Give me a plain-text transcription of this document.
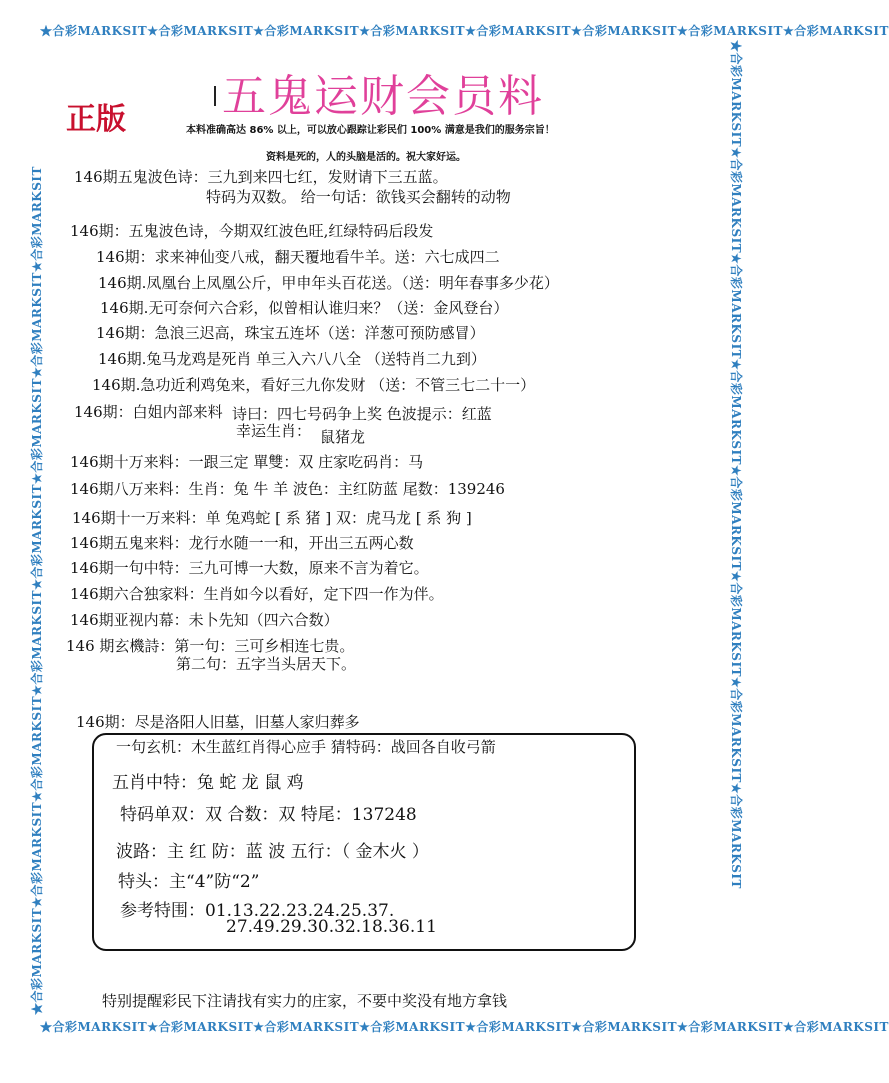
★合彩MARKSIT★合彩MARKSIT★合彩MARKSIT★合彩MARKSIT★合彩MARKSIT★合彩MARKSIT★合彩MARKSIT★合彩MARKSIT
★合彩MARKSIT★合彩MARKSIT★合彩MARKSIT★合彩MARKSIT★合彩MARKSIT★合彩MARKSIT★合彩MARKSIT★合彩MARKSIT
★合彩MARKSIT★合彩MARKSIT★合彩MARKSIT★合彩MARKSIT★合彩MARKSIT★合彩MARKSIT★合彩MARKSIT★合彩MARKSIT	★合彩MARKSIT★合彩MARKSIT★合彩MARKSIT★合彩MARKSIT★合彩MARKSIT★合彩MARKSIT★合彩MARKSIT★合彩MARKSIT
五鬼运财会员料
正版	本料准确高达 86% 以上，可以放心跟踪让彩民们 100% 满意是我们的服务宗旨！
资料是死的，人的头脑是活的。祝大家好运。
146期五鬼波色诗：三九到来四七红，发财请下三五蓝。
特码为双数。 给一句话：欲钱买会翻转的动物
146期：五鬼波色诗，今期双红波色旺,红绿特码后段发
146期：求来神仙变八戒，翻天覆地看牛羊。送：六七成四二
146期.凤凰台上凤凰公斤，甲申年头百花送。（送：明年春事多少花）
146期.无可奈何六合彩，似曾相认谁归来？（送：金风登台）
146期：急浪三迟高，珠宝五连坏（送：洋葱可预防感冒）
146期.兔马龙鸡是死肖 单三入六八八全 （送特肖二九到）
146期.急功近利鸡兔来，看好三九你发财 （送：不管三七二十一）
146期：白姐内部来料 诗曰：四七号码争上奖 色波提示：红蓝
幸运生肖： 鼠猪龙
146期十万来料：一跟三定 單雙：双 庄家吃码肖：马
146期八万来料：生肖：兔 牛 羊 波色：主红防蓝 尾数：139246
146期十一万来料：单 兔鸡蛇 [ 系 猪 ] 双：虎马龙 [ 系 狗 ]
146期五鬼来料：龙行水随一一和，开出三五两心数
146期一句中特：三九可博一大数，原来不言为着它。
146期六合独家料：生肖如今以看好，定下四一作为伴。
146期亚视内幕：未卜先知（四六合数）
146 期玄機詩：第一句：三可乡相连七贵。
第二句：五字当头居天下。
146期：尽是洛阳人旧墓，旧墓人家归葬多
一句玄机：木生蓝红肖得心应手 猜特码：战回各自收弓箭
五肖中特：兔 蛇 龙 鼠 鸡
特码单双：双 合数：双 特尾：137248
波路：主 红 防：蓝 波 五行：（ 金木火 ）
特头：主“4”防“2”
参考特围：01.13.22.23.24.25.37.
27.49.29.30.32.18.36.11
特别提醒彩民下注请找有实力的庄家，不要中奖没有地方拿钱
